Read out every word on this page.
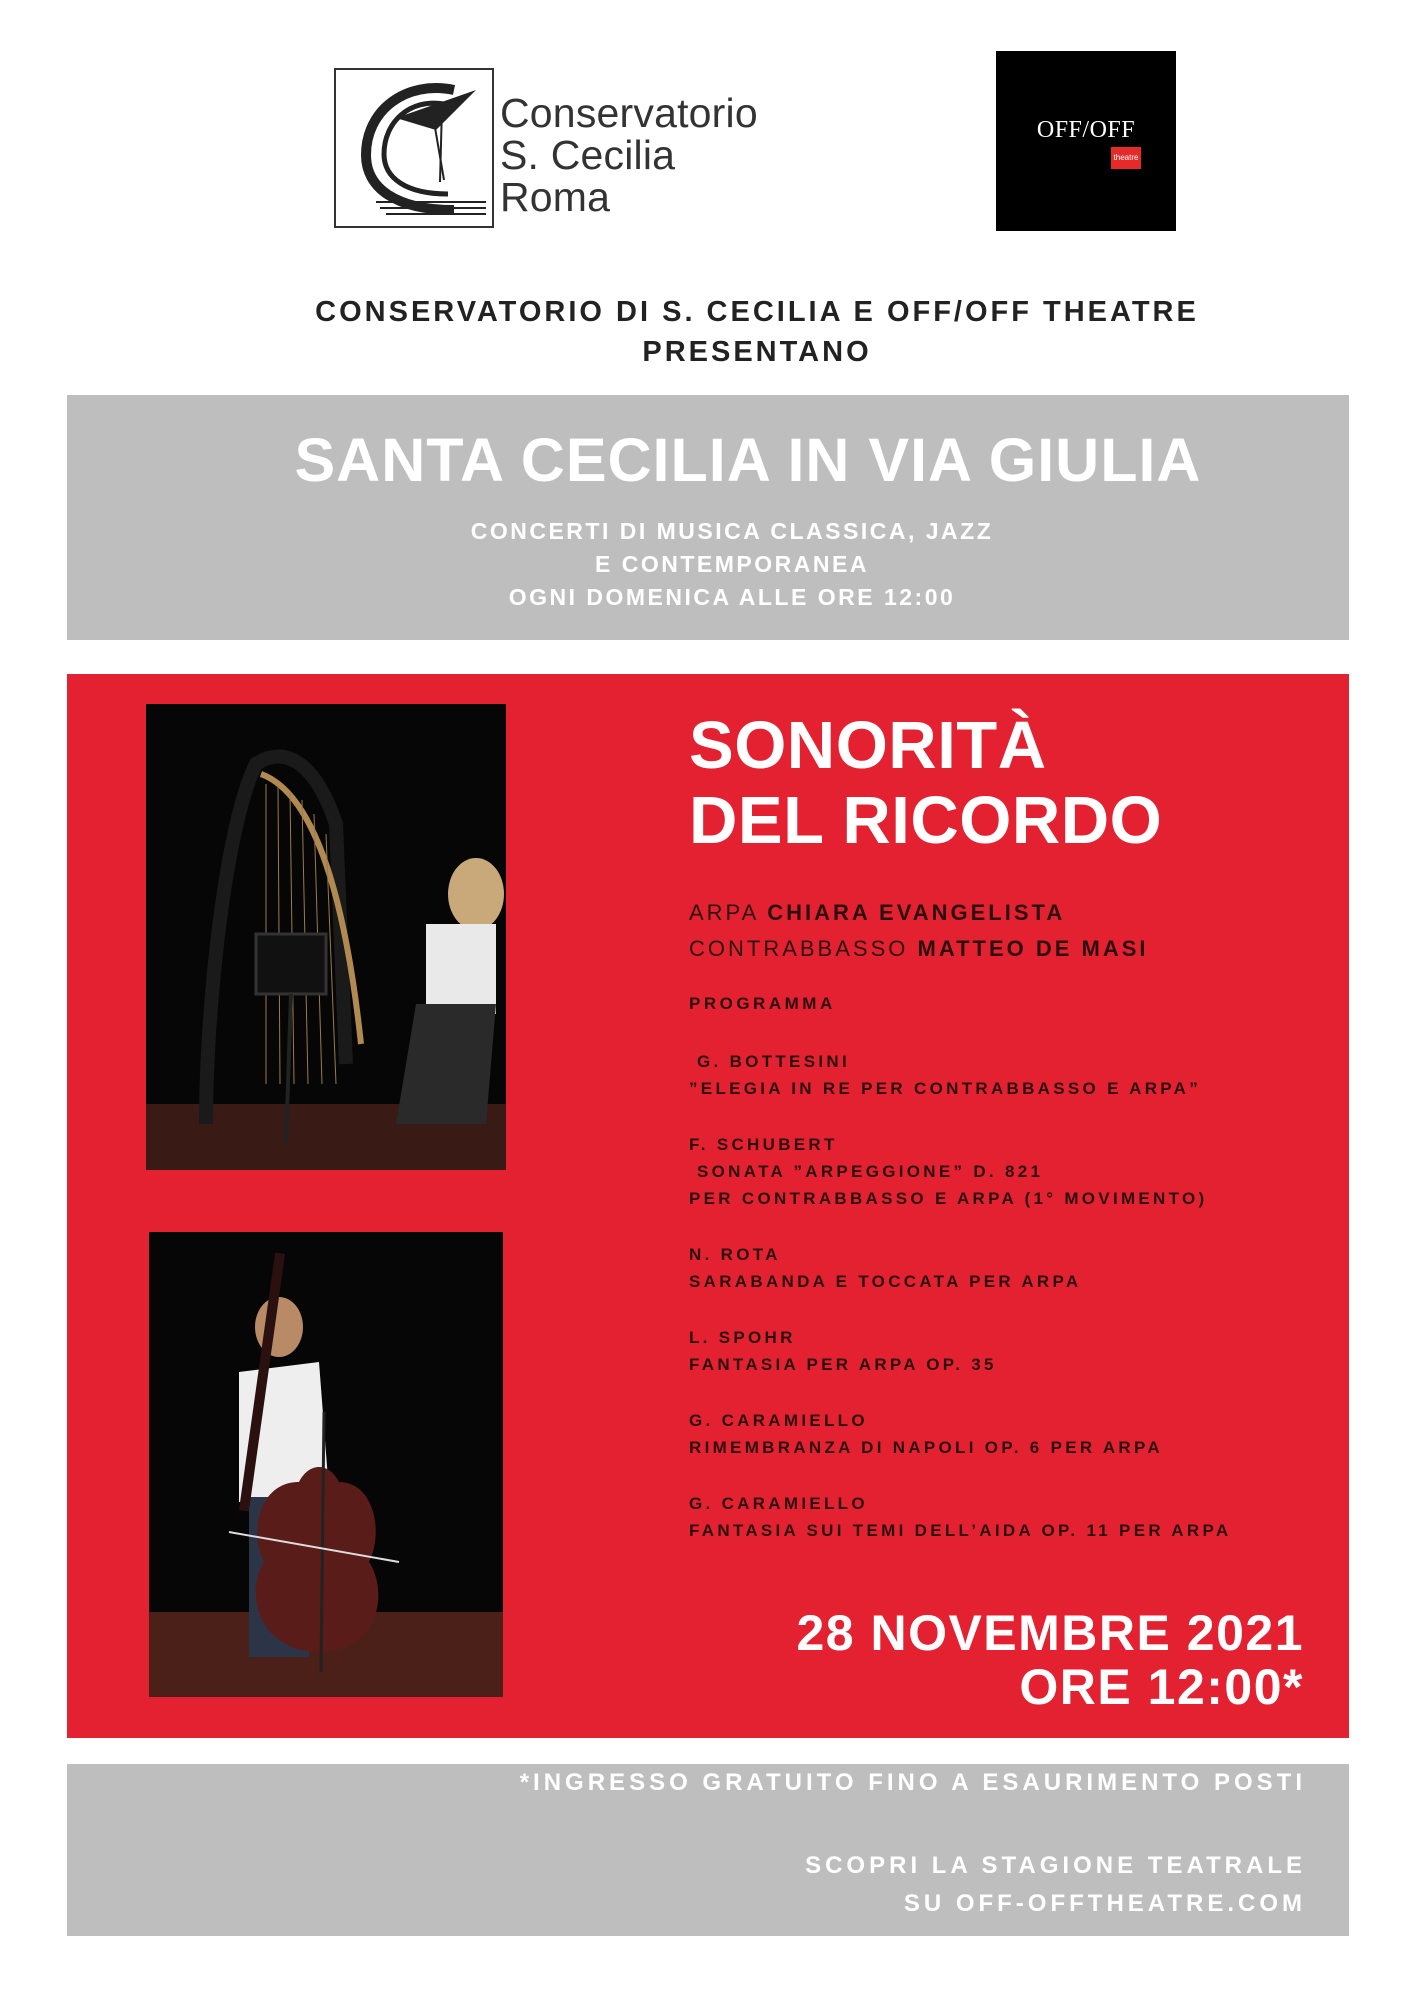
Conservatorio
S. Cecilia
Roma
OFF/OFF
theatre
CONSERVATORIO DI S. CECILIA E OFF/OFF THEATRE
PRESENTANO
SANTA CECILIA IN VIA GIULIA
CONCERTI DI MUSICA CLASSICA, JAZZ
E CONTEMPORANEA
OGNI DOMENICA ALLE ORE 12:00
SONORITÀ
DEL RICORDO
ARPA CHIARA EVANGELISTA
CONTRABBASSO MATTEO DE MASI
PROGRAMMA
G. BOTTESINI
”ELEGIA IN RE PER CONTRABBASSO E ARPA”
F. SCHUBERT
SONATA ”ARPEGGIONE” D. 821
PER CONTRABBASSO E ARPA (1° MOVIMENTO)
N. ROTA
SARABANDA E TOCCATA PER ARPA
L. SPOHR
FANTASIA PER ARPA OP. 35
G. CARAMIELLO
RIMEMBRANZA DI NAPOLI OP. 6 PER ARPA
G. CARAMIELLO
FANTASIA SUI TEMI DELL’AIDA OP. 11 PER ARPA
28 NOVEMBRE 2021
ORE 12:00*
*INGRESSO GRATUITO FINO A ESAURIMENTO POSTI
SCOPRI LA STAGIONE TEATRALE
SU OFF-OFFTHEATRE.COM
